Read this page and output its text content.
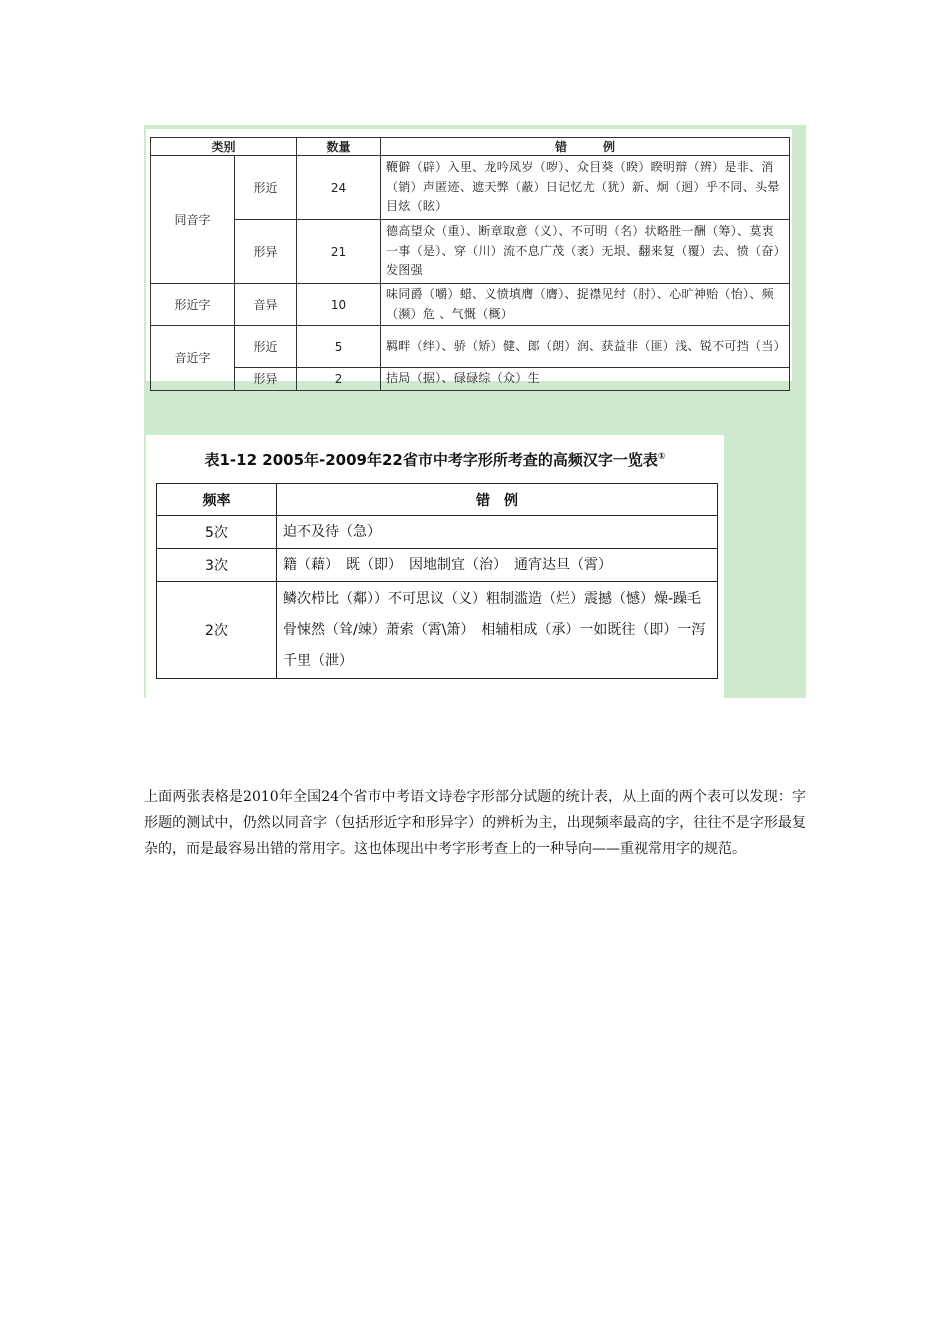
类别		数量	错　　　例
同音字	形近	24	鞭僻（辟）入里、龙吟凤岁（哕）、众目葵（睽）睽明辩（辨）是非、消（销）声匿迹、遮天弊（蔽）日记忆尤（犹）新、炯（迥）乎不同、头晕目炫（眩）
	形异	21	德高望众（重）、断章取意（义）、不可明（名）状略胜一酬（筹）、莫衷一事（是）、穿（川）流不息广茂（袤）无垠、翻来复（覆）去、愤（奋）发图强
形近字	音异	10	味同爵（嚼）蜡、义愤填膺（膺）、捉襟见纣（肘）、心旷神贻（怡）、频（濒）危 、气慨（概）
音近字	形近	5	羁畔（绊）、骄（矫）健、郎（朗）润、获益非（匪）浅、锐不可挡（当）
	形异	2	拮局（据）、碌碌综（众）生
表1-12 2005年-2009年22省市中考字形所考查的高频汉字一览表①
频率	错　例
5次	迫不及待（急）
3次	籍（藉）　既（即）　因地制宜（治）　通宵达旦（霄）
2次	鳞次栉比（鄰））不可思议（义）粗制滥造（烂）震撼（憾）燥-躁毛骨悚然（耸/竦）萧索（霄\箫）　相辅相成（承）一如既往（即）一泻千里（泄）

上面两张表格是2010年全国24个省市中考语文诗卷字形部分试题的统计表，从上面的两个表可以发现：字形题的测试中，仍然以同音字（包括形近字和形异字）的辨析为主，出现频率最高的字，往往不是字形最复杂的，而是最容易出错的常用字。这也体现出中考字形考查上的一种导向——重视常用字的规范。
